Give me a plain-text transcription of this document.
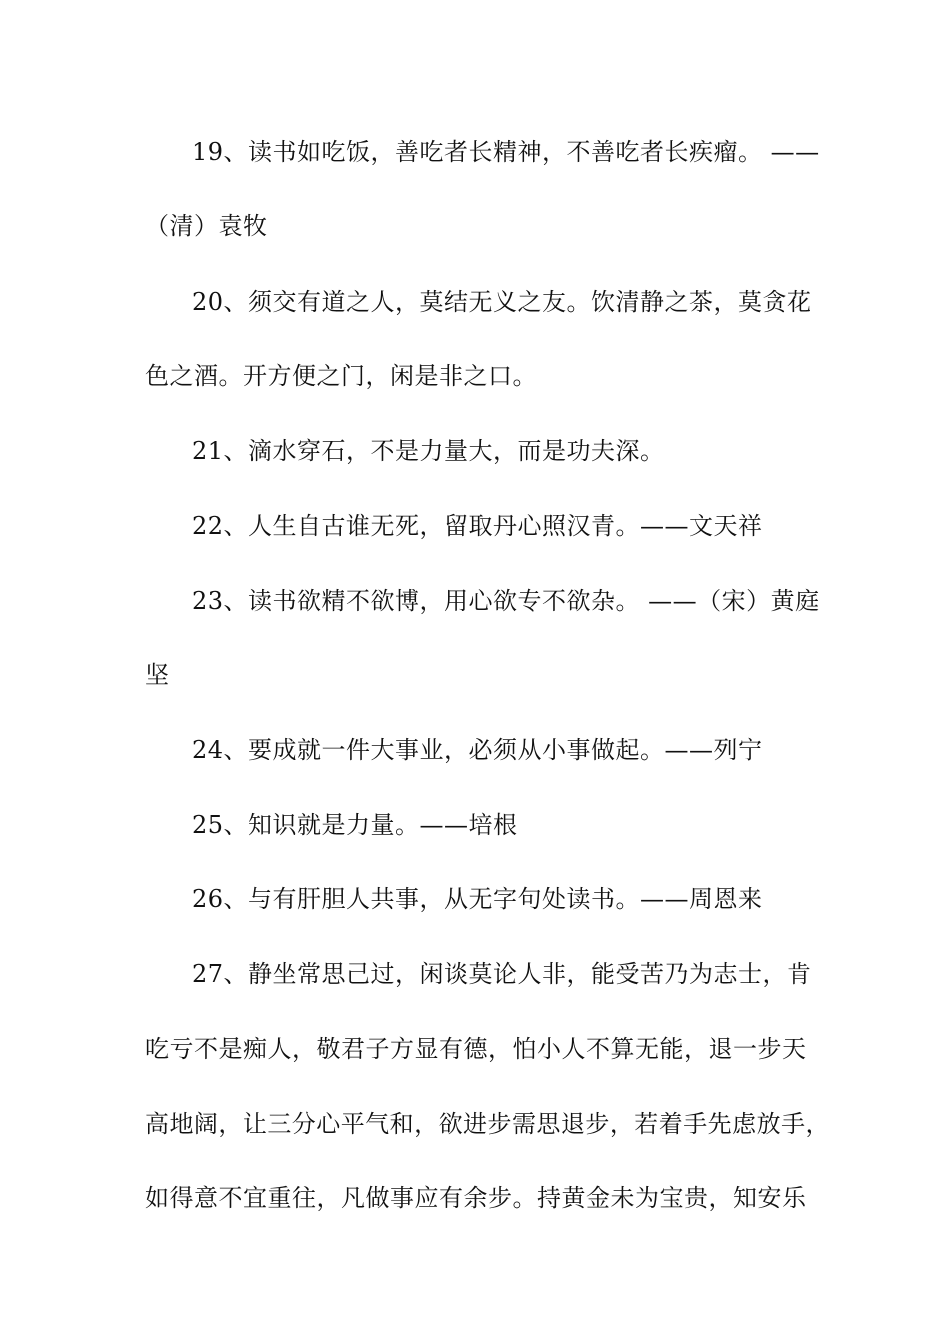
19、读书如吃饭，善吃者长精神，不善吃者长疾瘤。 ——
（清）袁牧
20、须交有道之人，莫结无义之友。饮清静之茶，莫贪花
色之酒。开方便之门，闲是非之口。
21、滴水穿石，不是力量大，而是功夫深。
22、人生自古谁无死，留取丹心照汉青。——文天祥
23、读书欲精不欲博，用心欲专不欲杂。 ——（宋）黄庭
坚
24、要成就一件大事业，必须从小事做起。——列宁
25、知识就是力量。——培根
26、与有肝胆人共事，从无字句处读书。——周恩来
27、静坐常思己过，闲谈莫论人非，能受苦乃为志士，肯
吃亏不是痴人，敬君子方显有德，怕小人不算无能，退一步天
高地阔，让三分心平气和，欲进步需思退步，若着手先虑放手，
如得意不宜重往，凡做事应有余步。持黄金未为宝贵，知安乐
